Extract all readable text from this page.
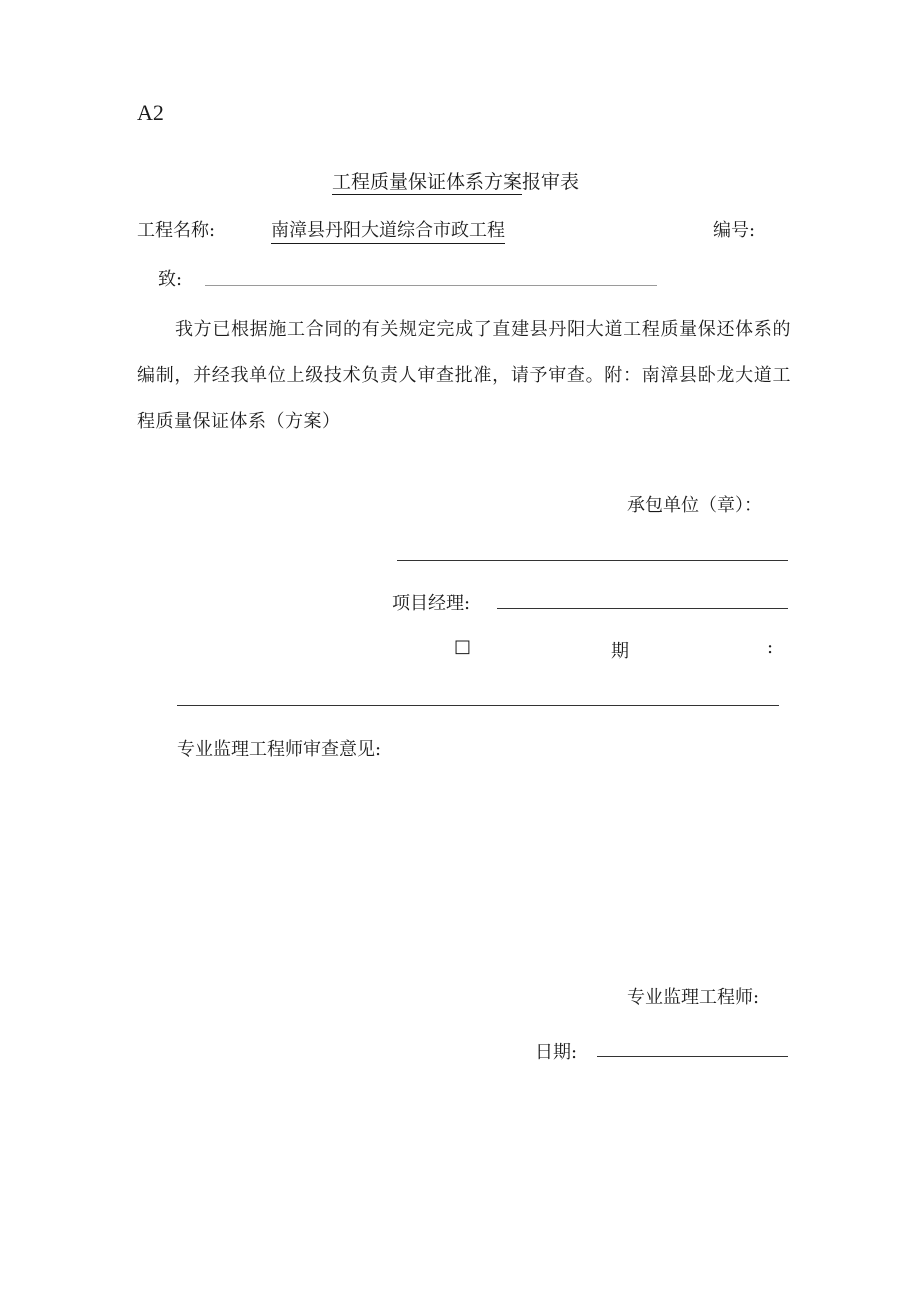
A2
工程质量保证体系方案报审表
工程名称:	南漳县丹阳大道综合市政工程	编号:
致:
我方已根据施工合同的有关规定完成了直建县丹阳大道工程质量保还体系的编制，并经我单位上级技术负责人审查批准，请予审查。附：南漳县卧龙大道工程质量保证体系（方案）
承包单位（章）：
项目经理:
□	期	:
专业监理工程师审查意见:
专业监理工程师:
日期:
